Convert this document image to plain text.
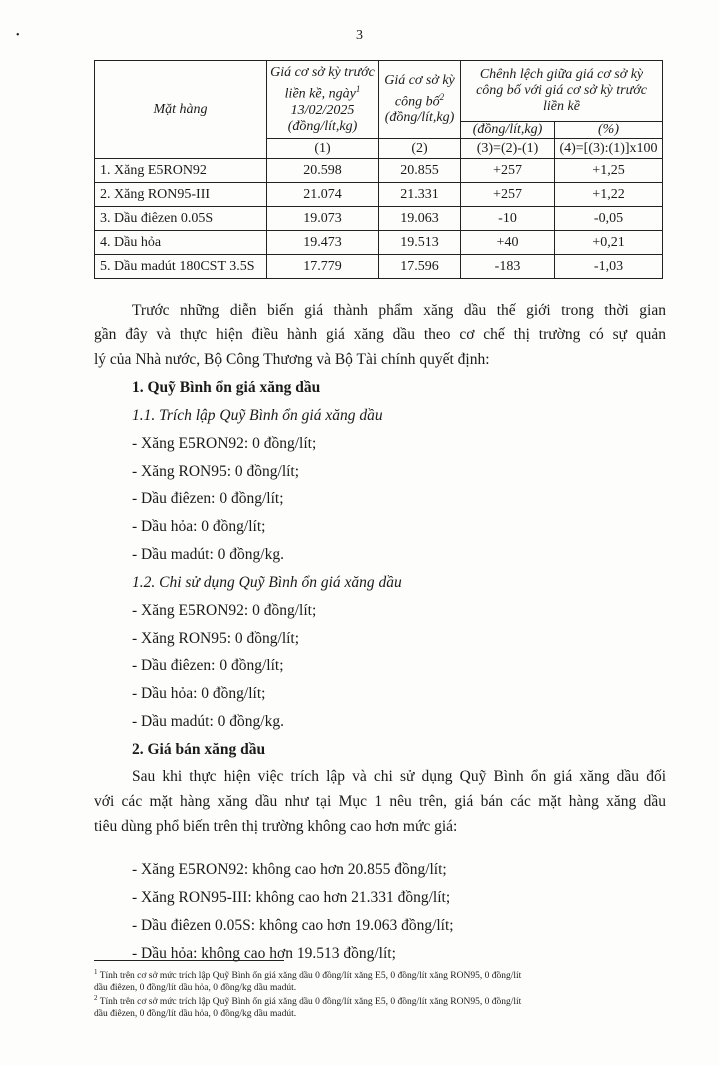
•	3
Mặt hàng	Giá cơ sở kỳ trước
liền kề, ngày$^1$
13/02/2025
(đồng/lít,kg)	Giá cơ sở kỳ
công bố$^2$
(đồng/lít,kg)	Chênh lệch giữa giá cơ sở kỳ
công bố với giá cơ sở kỳ trước
liền kề	
			(đồng/lít,kg)	(%)
	(1)	(2)	(3)=(2)-(1)	(4)=[(3):(1)]x100
1. Xăng E5RON92	20.598	20.855	+257	+1,25
2. Xăng RON95-III	21.074	21.331	+257	+1,22
3. Dầu điêzen 0.05S	19.073	19.063	-10	-0,05
4. Dầu hỏa	19.473	19.513	+40	+0,21
5. Dầu madút 180CST 3.5S	17.779	17.596	-183	-1,03
Trước những diễn biến giá thành phẩm xăng dầu thế giới trong thời gian
gần đây và thực hiện điều hành giá xăng dầu theo cơ chế thị trường có sự quản
lý của Nhà nước, Bộ Công Thương và Bộ Tài chính quyết định:
1. Quỹ Bình ổn giá xăng dầu
1.1. Trích lập Quỹ Bình ổn giá xăng dầu
- Xăng E5RON92: 0 đồng/lít;
- Xăng RON95: 0 đồng/lít;
- Dầu điêzen: 0 đồng/lít;
- Dầu hỏa: 0 đồng/lít;
- Dầu madút: 0 đồng/kg.
1.2. Chi sử dụng Quỹ Bình ổn giá xăng dầu
- Xăng E5RON92: 0 đồng/lít;
- Xăng RON95: 0 đồng/lít;
- Dầu điêzen: 0 đồng/lít;
- Dầu hỏa: 0 đồng/lít;
- Dầu madút: 0 đồng/kg.
2. Giá bán xăng dầu
Sau khi thực hiện việc trích lập và chi sử dụng Quỹ Bình ổn giá xăng dầu đối
với các mặt hàng xăng dầu như tại Mục 1 nêu trên, giá bán các mặt hàng xăng dầu
tiêu dùng phổ biến trên thị trường không cao hơn mức giá:
- Xăng E5RON92: không cao hơn 20.855 đồng/lít;
- Xăng RON95-III: không cao hơn 21.331 đồng/lít;
- Dầu điêzen 0.05S: không cao hơn 19.063 đồng/lít;
- Dầu hỏa: không cao hơn 19.513 đồng/lít;
$^1$ Tính trên cơ sở mức trích lập Quỹ Bình ổn giá xăng dầu 0 đồng/lít xăng E5, 0 đồng/lít xăng RON95, 0 đồng/lít
dầu điêzen, 0 đồng/lít dầu hỏa, 0 đồng/kg dầu madút.
$^2$ Tính trên cơ sở mức trích lập Quỹ Bình ổn giá xăng dầu 0 đồng/lít xăng E5, 0 đồng/lít xăng RON95, 0 đồng/lít
dầu điêzen, 0 đồng/lít dầu hỏa, 0 đồng/kg dầu madút.
